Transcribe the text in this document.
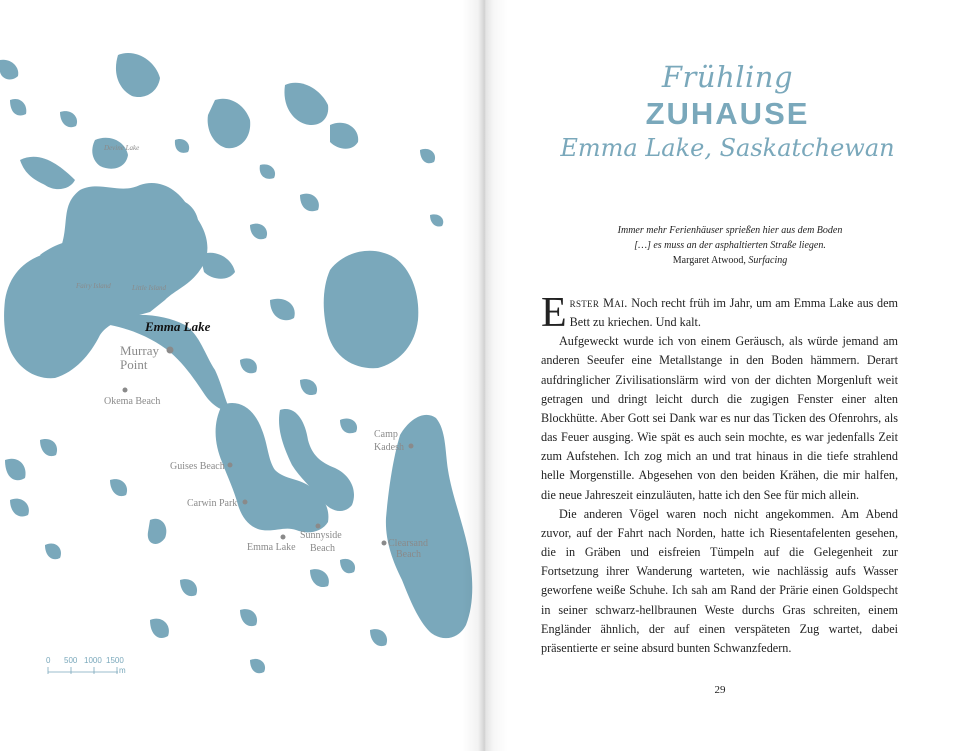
Devine Lake
Fairy Island	Little Island
Emma Lake
Murray
Point
Okema Beach
Camp
Kadesh
Guises Beach
Carwin Park
Emma Lake
Sunnyside
Beach	Clearsand
Beach
0 500 1000 1500
m
Frühling
ZUHAUSE
Emma Lake, Saskatchewan
Immer mehr Ferienhäuser sprießen hier aus dem Boden
[…] es muss an der asphaltierten Straße liegen.
Margaret Atwood, Surfacing

Erster Mai. Noch recht früh im Jahr, um am Emma Lake aus dem Bett zu kriechen. Und kalt.

Aufgeweckt wurde ich von einem Geräusch, als würde jemand am anderen Seeufer eine Metallstange in den Boden hämmern. Derart aufdringlicher Zivilisationslärm wird von der dichten Morgenluft weit getragen und dringt leicht durch die zugigen Fenster einer alten Blockhütte. Aber Gott sei Dank war es nur das Ticken des Ofenrohrs, als das Feuer ausging. Wie spät es auch sein mochte, es war jedenfalls Zeit zum Aufstehen. Ich zog mich an und trat hinaus in die tiefe strahlend helle Morgenstille. Abgesehen von den beiden Krähen, die mir halfen, die neue Jahreszeit einzuläuten, hatte ich den See für mich allein.

Die anderen Vögel waren noch nicht angekommen. Am Abend zuvor, auf der Fahrt nach Norden, hatte ich Riesentafelenten gesehen, die in Gräben und eisfreien Tümpeln auf die Gelegenheit zur Fortsetzung ihrer Wanderung warteten, wie nachlässig aufs Wasser geworfene weiße Schuhe. Ich sah am Rand der Prärie einen Goldspecht in seiner schwarz-hellbraunen Weste durchs Gras schreiten, einem Engländer ähnlich, der auf einen verspäteten Zug wartet, dabei präsentierte er seine absurd bunten Schwanzfedern.

29
